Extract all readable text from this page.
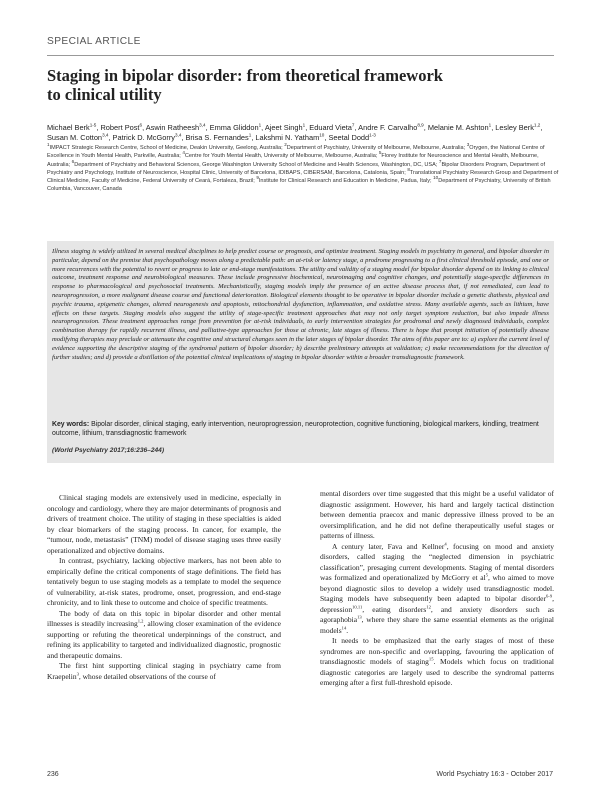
SPECIAL ARTICLE
Staging in bipolar disorder: from theoretical framework
to clinical utility
Michael Berk$^{1-5}$, Robert Post$^6$, Aswin Ratheesh$^{3,4}$, Emma Gliddon$^1$, Ajeet Singh$^1$, Eduard Vieta$^7$, Andre F. Carvalho$^{8,9}$, Melanie M. Ashton$^1$, Lesley Berk$^{1,2}$, Susan M. Cotton$^{3,4}$, Patrick D. McGorry$^{3,4}$, Brisa S. Fernandes$^1$, Lakshmi N. Yatham$^{10}$, Seetal Dodd$^{1-3}$
$^1$IMPACT Strategic Research Centre, School of Medicine, Deakin University, Geelong, Australia; $^2$Department of Psychiatry, University of Melbourne, Melbourne, Australia; $^3$Orygen, the National Centre of Excellence in Youth Mental Health, Parkville, Australia; $^4$Centre for Youth Mental Health, University of Melbourne, Melbourne, Australia; $^5$Florey Institute for Neuroscience and Mental Health, Melbourne, Australia; $^6$Department of Psychiatry and Behavioral Sciences, George Washington University School of Medicine and Health Sciences, Washington, DC, USA; $^7$Bipolar Disorders Program, Department of Psychiatry and Psychology, Institute of Neuroscience, Hospital Clinic, University of Barcelona, IDIBAPS, CIBERSAM, Barcelona, Catalonia, Spain; $^8$Translational Psychiatry Research Group and Department of Clinical Medicine, Faculty of Medicine, Federal University of Ceará, Fortaleza, Brazil; $^9$Institute for Clinical Research and Education in Medicine, Padua, Italy; $^{10}$Department of Psychiatry, University of British Columbia, Vancouver, Canada

Illness staging is widely utilized in several medical disciplines to help predict course or prognosis, and optimize treatment. Staging models in psychiatry in general, and bipolar disorder in particular, depend on the premise that psychopathology moves along a predictable path: an at-risk or latency stage, a prodrome progressing to a first clinical threshold episode, and one or more recurrences with the potential to revert or progress to late or end-stage manifestations. The utility and validity of a staging model for bipolar disorder depend on its linking to clinical outcome, treatment response and neurobiological measures. These include progressive biochemical, neuroimaging and cognitive changes, and potentially stage-specific differences in response to pharmacological and psychosocial treatments. Mechanistically, staging models imply the presence of an active disease process that, if not remediated, can lead to neuroprogression, a more malignant disease course and functional deterioration. Biological elements thought to be operative in bipolar disorder include a genetic diathesis, physical and psychic trauma, epigenetic changes, altered neurogenesis and apoptosis, mitochondrial dysfunction, inflammation, and oxidative stress. Many available agents, such as lithium, have effects on these targets. Staging models also suggest the utility of stage-specific treatment approaches that may not only target symptom reduction, but also impede illness neuroprogression. These treatment approaches range from prevention for at-risk individuals, to early intervention strategies for prodromal and newly diagnosed individuals, complex combination therapy for rapidly recurrent illness, and palliative-type approaches for those at chronic, late stages of illness. There is hope that prompt initiation of potentially disease modifying therapies may preclude or attenuate the cognitive and structural changes seen in the later stages of bipolar disorder. The aims of this paper are to: a) explore the current level of evidence supporting the descriptive staging of the syndromal pattern of bipolar disorder; b) describe preliminary attempts at validation; c) make recommendations for the direction of further studies; and d) provide a distillation of the potential clinical implications of staging in bipolar disorder within a broader transdiagnostic framework.

Key words: Bipolar disorder, clinical staging, early intervention, neuroprogression, neuroprotection, cognitive functioning, biological markers, kindling, treatment outcome, lithium, transdiagnostic framework

(World Psychiatry 2017;16:236–244)

Clinical staging models are extensively used in medicine, especially in oncology and cardiology, where they are major determinants of prognosis and drivers of treatment choice. The utility of staging in these specialties is aided by clear biomarkers of the staging process. In cancer, for example, the “tumour, node, metastasis” (TNM) model of disease staging uses three easily operationalized and objective domains.

In contrast, psychiatry, lacking objective markers, has not been able to empirically define the critical components of stage definitions. The field has tentatively begun to use staging models as a template to model the sequence of vulnerability, at-risk states, prodrome, onset, progression, and end-stage chronicity, and to link these to outcome and choice of specific treatments.

The body of data on this topic in bipolar disorder and other mental illnesses is steadily increasing$^{1,2}$, allowing closer examination of the evidence supporting or refuting the theoretical underpinnings of the construct, and refining its applicability to targeted and individualized diagnostic, prognostic and therapeutic domains.

The first hint supporting clinical staging in psychiatry came from Kraepelin$^3$, whose detailed observations of the course of

mental disorders over time suggested that this might be a useful validator of diagnostic assignment. However, his hard and largely tactical distinction between dementia praecox and manic depressive illness proved to be an oversimplification, and he did not define therapeutically useful stages or patterns of illness.

A century later, Fava and Kellner$^4$, focusing on mood and anxiety disorders, called staging the “neglected dimension in psychiatric classification”, presaging current developments. Staging of mental disorders was formalized and operationalized by McGorry et $al^5$, who aimed to move beyond diagnostic silos to develop a widely used transdiagnostic model. Staging models have subsequently been adapted to bipolar disorder$^{6-9}$, depression$^{10,11}$, eating disorders$^{12}$, and anxiety disorders such as agoraphobia$^{13}$, where they share the same essential elements as the original models$^{14}$.

It needs to be emphasized that the early stages of most of these syndromes are non-specific and overlapping, favouring the application of transdiagnostic models of staging$^{15}$. Models which focus on traditional diagnostic categories are largely used to describe the syndromal patterns emerging after a first full-threshold episode.

236	World Psychiatry 16:3 - October 2017
